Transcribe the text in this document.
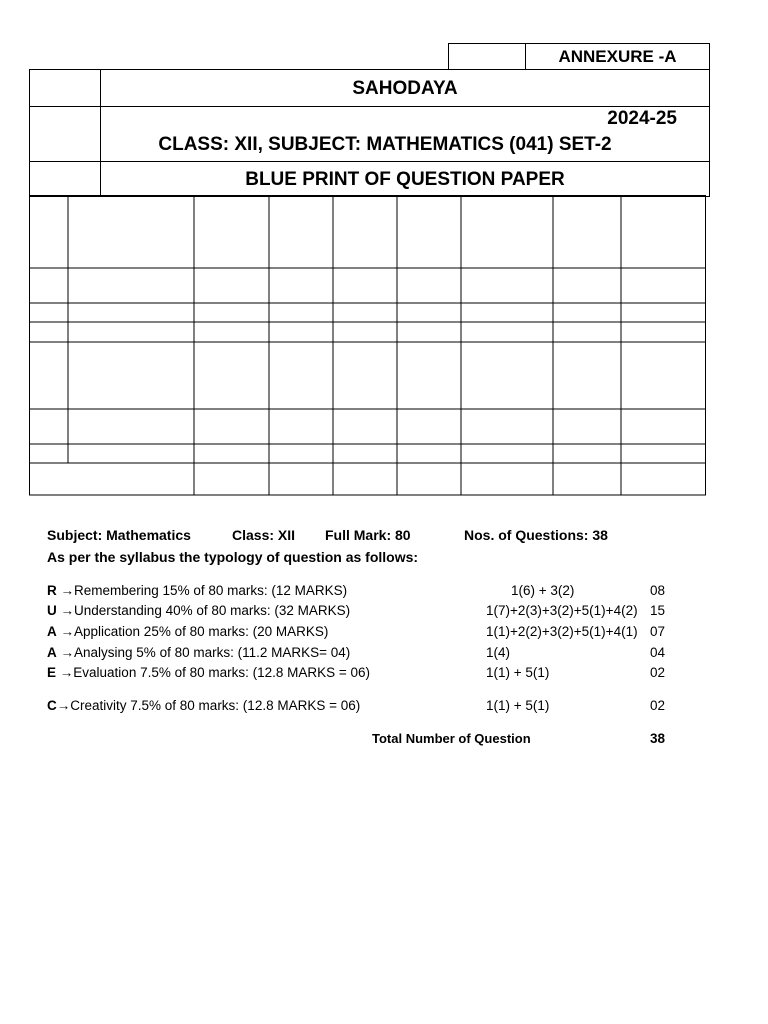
ANNEXURE -A
SAHODAYA
2024-25
CLASS: XII, SUBJECT: MATHEMATICS (041) SET-2
BLUE PRINT OF QUESTION PAPER
Subject: Mathematics	Class: XII Full Mark: 80	Nos. of Questions: 38
As per the syllabus the typology of question as follows:
R →Remembering 15% of 80 marks: (12 MARKS)	1(6) + 3(2)	08
U →Understanding 40% of 80 marks: (32 MARKS)	1(7)+2(3)+3(2)+5(1)+4(2) 15
A →Application 25% of 80 marks: (20 MARKS)	1(1)+2(2)+3(2)+5(1)+4(1) 07
A →Analysing 5% of 80 marks: (11.2 MARKS= 04)	1(4)	04
E →Evaluation 7.5% of 80 marks: (12.8 MARKS = 06)	1(1) + 5(1)	02
C→Creativity 7.5% of 80 marks: (12.8 MARKS = 06)	1(1) + 5(1)	02
Total Number of Question	38
